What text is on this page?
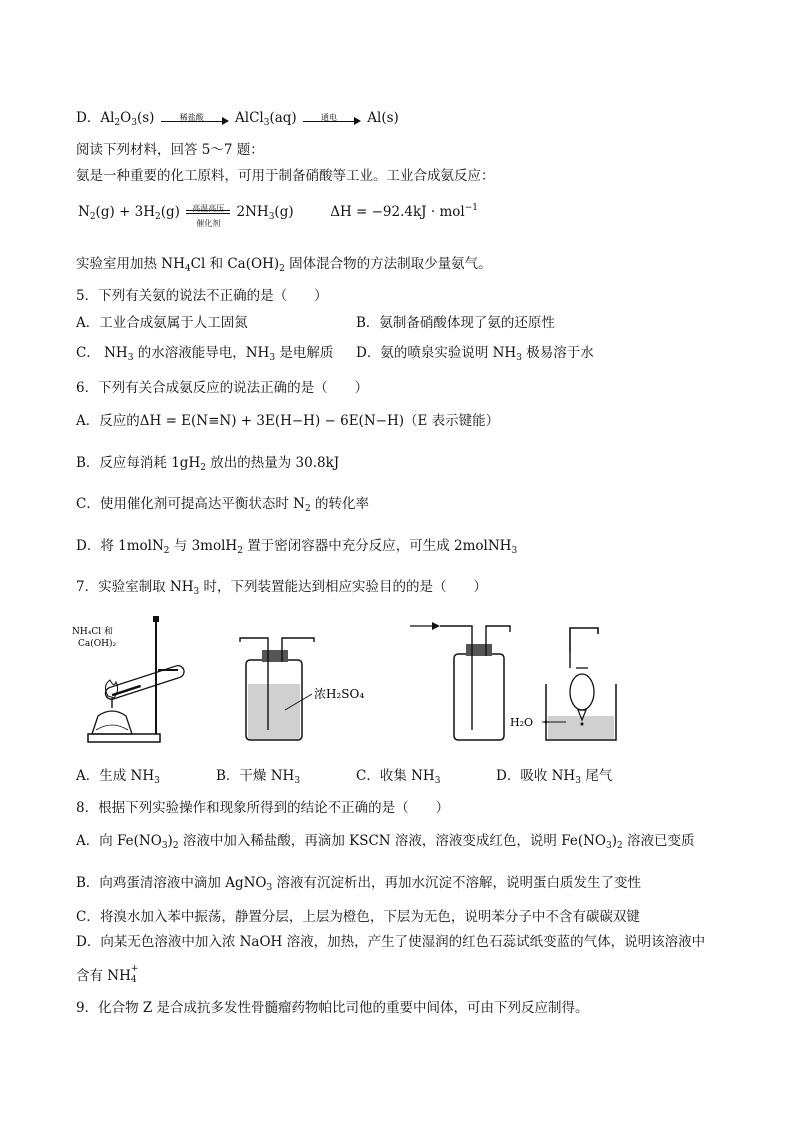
D．$Al_2O_3(s)$	稀盐酸	AlCl$_3$(aq)	通电	Al(s)
阅读下列材料，回答 5～7 题：
氨是一种重要的化工原料，可用于制备硝酸等工业。工业合成氨反应：
$N_2(g) + 3H_2(g)$	高温高压
催化剂
$2NH_3(g)$	ΔH = −92.4kJ · mol$^{-1}$
实验室用加热 $NH_4Cl$ 和 $Ca(OH)_2$ 固体混合物的方法制取少量氨气。
5．下列有关氨的说法不正确的是（　　）
A．工业合成氨属于人工固氮	B．氨制备硝酸体现了氨的还原性
C． $NH_3$ 的水溶液能导电，$NH_3$ 是电解质 D．氨的喷泉实验说明 $NH_3$ 极易溶于水
6．下列有关合成氨反应的说法正确的是（　　）
A．反应的ΔH = E(N≡N) + 3E(H−H) − 6E(N−H)（E 表示键能）
B．反应每消耗 $1gH_2$ 放出的热量为 30.8kJ
C．使用催化剂可提高达平衡状态时 $N_2$ 的转化率
D．将 1molN$_2$ 与 3molH$_2$ 置于密闭容器中充分反应，可生成 2molNH$_3$
7．实验室制取 $NH_3$ 时，下列装置能达到相应实验目的的是（　　）
NH₄Cl 和
Ca(OH)₂
浓H₂SO₄
H₂O
A．生成 $NH_3$	B．干燥 $NH_3$	C．收集 $NH_3$	D．吸收 $NH_3$ 尾气
8．根据下列实验操作和现象所得到的结论不正确的是（　　）
A．向 $Fe(NO_3)_2$ 溶液中加入稀盐酸，再滴加 KSCN 溶液，溶液变成红色，说明 $Fe(NO_3)_2$ 溶液已变质
B．向鸡蛋清溶液中滴加 AgNO$_3$ 溶液有沉淀析出，再加水沉淀不溶解，说明蛋白质发生了变性
C．将溴水加入苯中振荡，静置分层，上层为橙色，下层为无色，说明苯分子中不含有碳碳双键
D．向某无色溶液中加入浓 NaOH 溶液，加热，产生了使湿润的红色石蕊试纸变蓝的气体，说明该溶液中
含有 NH +
4
9．化合物 Z 是合成抗多发性骨髓瘤药物帕比司他的重要中间体，可由下列反应制得。
